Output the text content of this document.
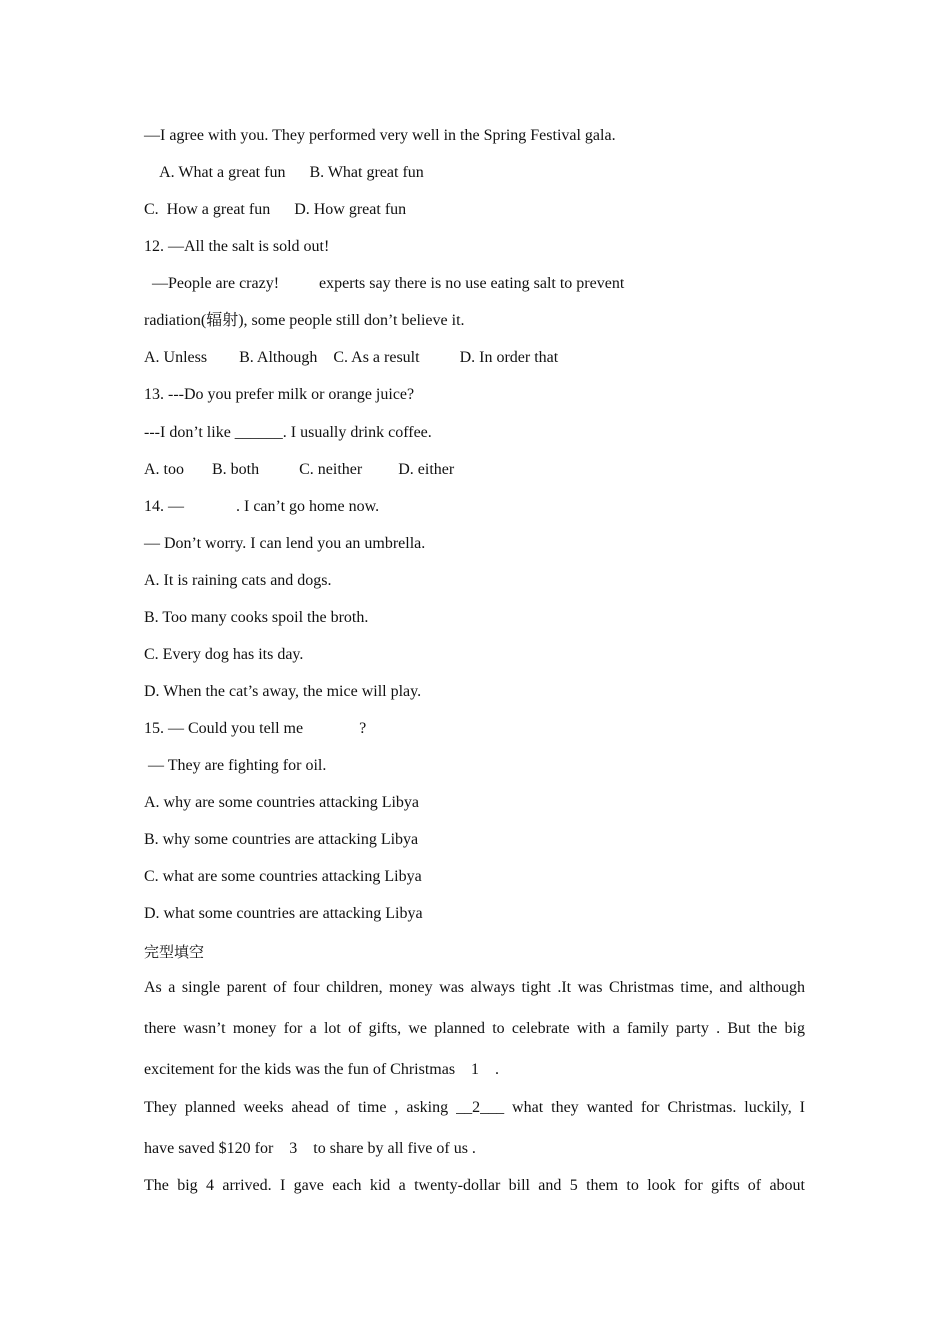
—I agree with you. They performed very well in the Spring Festival gala.
A. What a great fun      B. What great fun
C.  How a great fun      D. How great fun
12. —All the salt is sold out!
—People are crazy!          experts say there is no use eating salt to prevent
radiation(辐射), some people still don’t believe it.
A. Unless        B. Although    C. As a result          D. In order that
13. ---Do you prefer milk or orange juice?
---I don’t like ______. I usually drink coffee.
A. too       B. both          C. neither         D. either
14. —             . I can’t go home now.
— Don’t worry. I can lend you an umbrella.
A. It is raining cats and dogs.
B. Too many cooks spoil the broth.
C. Every dog has its day.
D. When the cat’s away, the mice will play.
15. — Could you tell me              ?
— They are fighting for oil.
A. why are some countries attacking Libya
B. why some countries are attacking Libya
C. what are some countries attacking Libya
D. what some countries are attacking Libya
完型填空
As a single parent of four children, money was always tight .It was Christmas time, and although
there wasn’t money for a lot of gifts, we planned to celebrate with a family party . But the big
excitement for the kids was the fun of Christmas    1    .
They planned weeks ahead of time , asking __2___ what they wanted for Christmas. luckily, I
have saved $120 for    3    to share by all five of us .
The big 4 arrived. I gave each kid a twenty-dollar bill and 5 them to look for gifts of about
